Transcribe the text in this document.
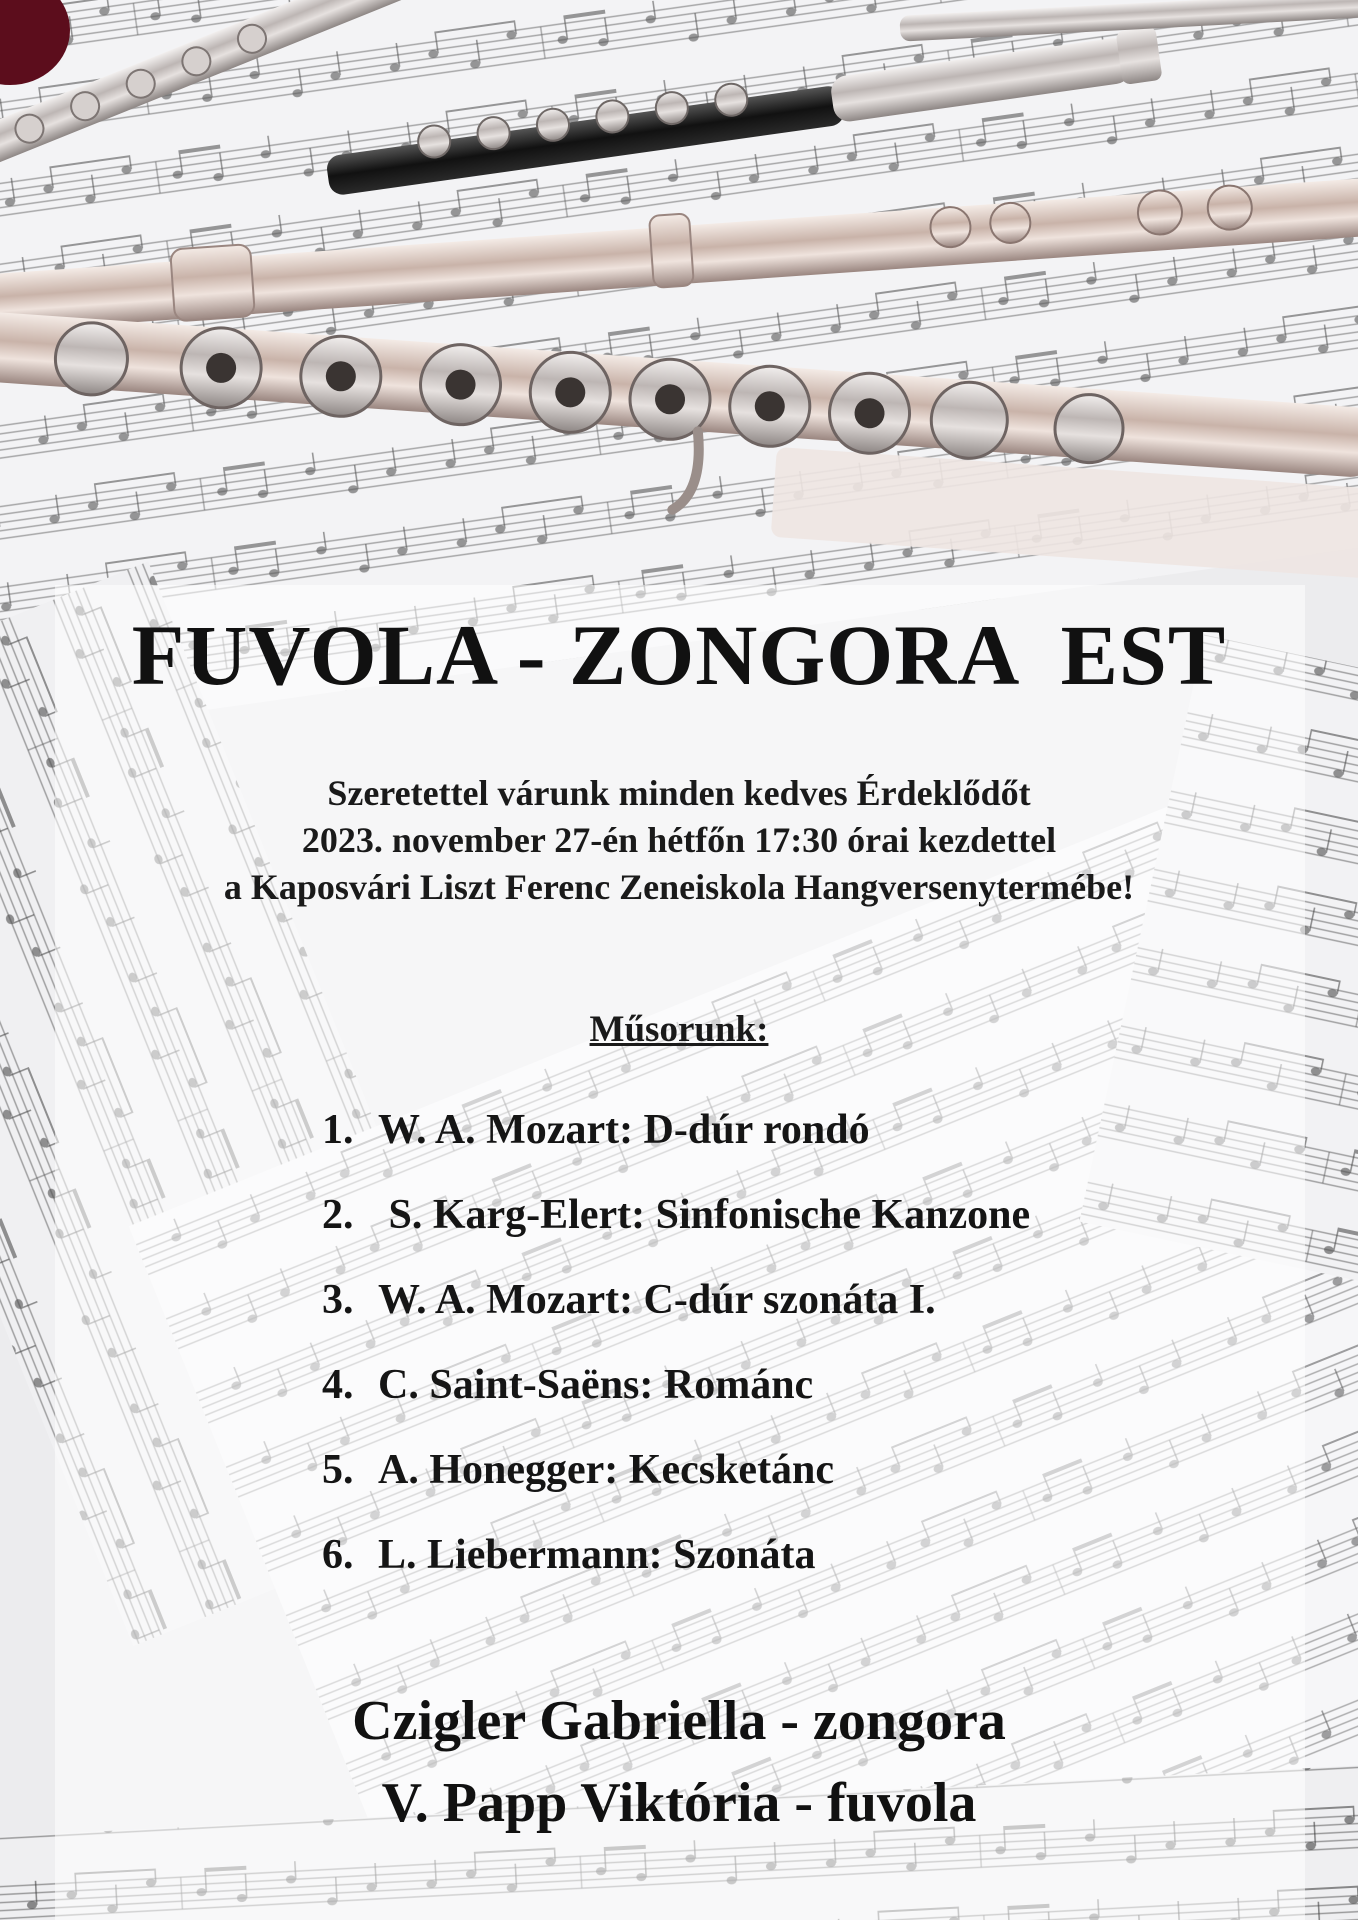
FUVOLA - ZONGORA  EST
Szeretettel várunk minden kedves Érdeklődőt
2023. november 27-én hétfőn 17:30 órai kezdettel
a Kaposvári Liszt Ferenc Zeneiskola Hangversenytermébe!
Műsorunk:
1. W. A. Mozart: D-dúr rondó
2. S. Karg-Elert: Sinfonische Kanzone
3. W. A. Mozart: C-dúr szonáta I.
4. C. Saint-Saëns: Románc
5. A. Honegger: Kecsketánc
6. L. Liebermann: Szonáta
Czigler Gabriella - zongora
V. Papp Viktória - fuvola
